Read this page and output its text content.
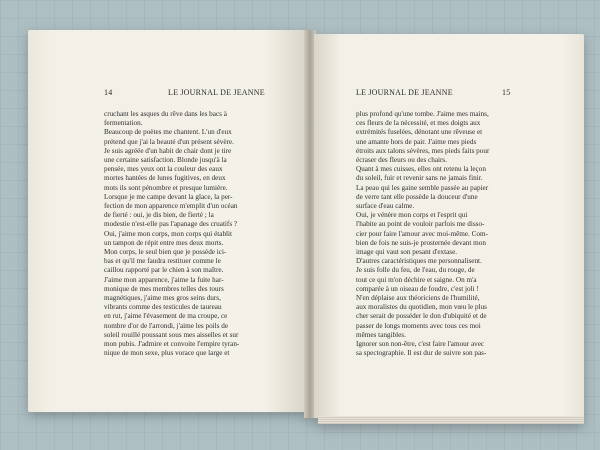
14	LE JOURNAL DE JEANNE
cruchant les asques du rêve dans les bacs à
fermentation.
Beaucoup de poètes me chantent. L'un d'eux
prétend que j'ai la beauté d'un présent sévère.
Je suis agréée d'un habit de chair dont je tire
une certaine satisfaction. Blonde jusqu'à la
pensée, mes yeux ont la couleur des eaux
mortes hantées de lunes fugitives, en deux
mots ils sont pénombre et presque lumière.
Lorsque je me campe devant la glace, la per-
fection de mon apparence m'emplit d'un océan
de fierté : oui, je dis bien, de fierté ; la
modestie n'est-elle pas l'apanage des cruatifs ?
Oui, j'aime mon corps, mon corps qui établit
un tampon de répit entre mes deux morts.
Mon corps, le seul bien que je possède ici-
bas et qu'il me faudra restituer comme le
caillou rapporté par le chien à son maître.
J'aime mon apparence, j'aime la fuite har-
monique de mes membres telles des tours
magnétiques, j'aime mes gros seins durs,
vibrants comme des testicules de taureau
en rut, j'aime l'évasement de ma croupe, ce
nombre d'or de l'arrondi, j'aime les poils de
soleil rouillé poussant sous mes aisselles et sur
mon pubis. J'admire et convoite l'empire tyran-
nique de mon sexe, plus vorace que large et
LE JOURNAL DE JEANNE	15
plus profond qu'une tombe. J'aime mes mains,
ces fleurs de la nécessité, et mes doigts aux
extrémités fuselées, dénotant une rêveuse et
une amante hors de pair. J'aime mes pieds
étroits aux talons sévères, mes pieds faits pour
écraser des fleurs ou des chairs.
Quant à mes cuisses, elles ont retenu la leçon
du soleil, fuir et revenir sans ne jamais finir.
La peau qui les gaine semble passée au papier
de verre tant elle possède la douceur d'une
surface d'eau calme.
Oui, je vénère mon corps et l'esprit qui
l'habite au point de vouloir parfois me disso-
cier pour faire l'amour avec moi-même. Com-
bien de fois ne suis-je prosternée devant mon
image qui vaut son pesant d'extase.
D'autres caractéristiques me personnalisent.
Je suis folle du feu, de l'eau, du rouge, de
tout ce qui m'on déchire et saigne. On m'a
comparée à un oiseau de foudre, c'est joli !
N'en déplaise aux théoriciens de l'humilité,
aux moralistes du quotidien, mon vœu le plus
cher serait de posséder le don d'ubiquité et de
passer de longs moments avec tous ces moi
mêmes tangibles.
Ignorer son non-être, c'est faire l'amour avec
sa spectographie. Il est dur de suivre son pas-
